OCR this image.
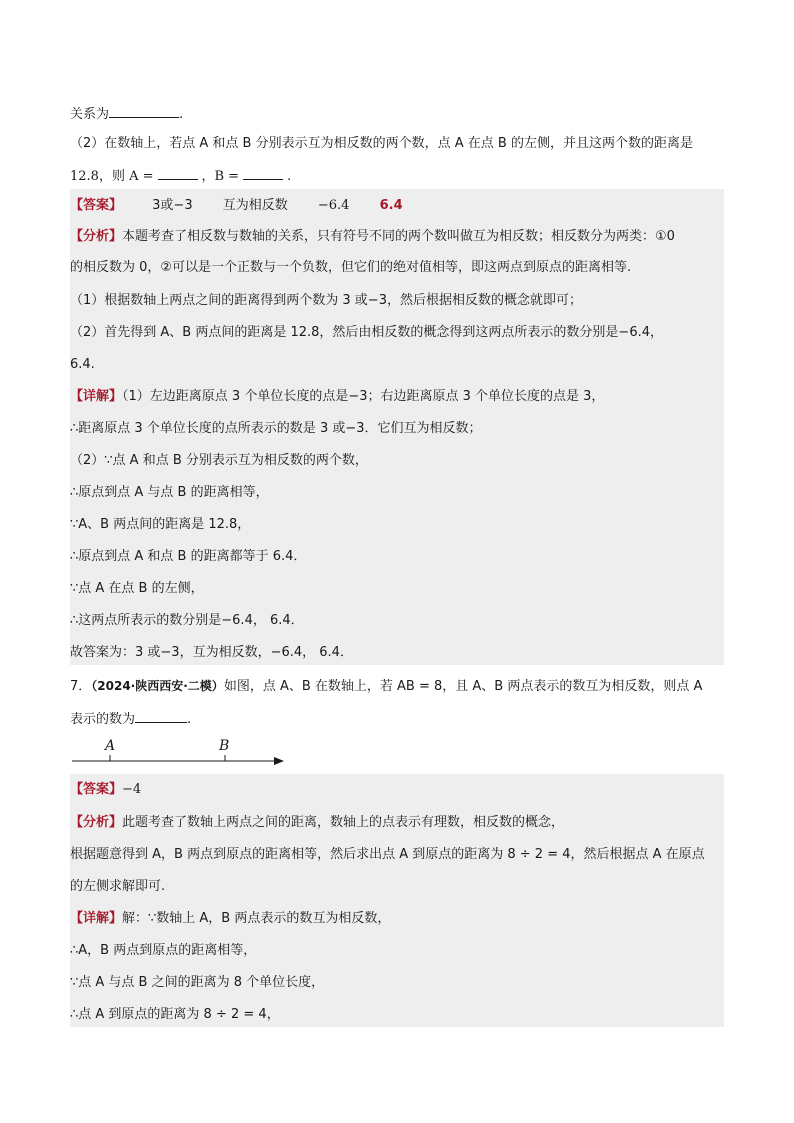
关系为	.
（2）在数轴上，若点 A 和点 B 分别表示互为相反数的两个数，点 A 在点 B 的左侧，并且这两个数的距离是
12.8，则 A =	，B =	.
【答案】 3或−3 互为相反数 −6.4 6.4
【分析】本题考查了相反数与数轴的关系，只有符号不同的两个数叫做互为相反数；相反数分为两类：①0
的相反数为 0，②可以是一个正数与一个负数，但它们的绝对值相等，即这两点到原点的距离相等.
（1）根据数轴上两点之间的距离得到两个数为 3 或−3，然后根据相反数的概念就即可；
（2）首先得到 A、B 两点间的距离是 12.8，然后由相反数的概念得到这两点所表示的数分别是−6.4，
6.4.
【详解】（1）左边距离原点 3 个单位长度的点是−3；右边距离原点 3 个单位长度的点是 3，
∴距离原点 3 个单位长度的点所表示的数是 3 或−3．它们互为相反数；
（2）∵点 A 和点 B 分别表示互为相反数的两个数，
∴原点到点 A 与点 B 的距离相等，
∵A、B 两点间的距离是 12.8，
∴原点到点 A 和点 B 的距离都等于 6.4．
∵点 A 在点 B 的左侧，
∴这两点所表示的数分别是−6.4， 6.4．
故答案为：3 或−3，互为相反数，−6.4， 6.4．
7．（2024·陕西西安·二模）如图，点 A、B 在数轴上，若 AB = 8，且 A、B 两点表示的数互为相反数，则点 A
表示的数为	.
A	B
【答案】−4
【分析】此题考查了数轴上两点之间的距离，数轴上的点表示有理数，相反数的概念，
根据题意得到 A，B 两点到原点的距离相等，然后求出点 A 到原点的距离为 8 ÷ 2 = 4，然后根据点 A 在原点
的左侧求解即可.
【详解】解：∵数轴上 A，B 两点表示的数互为相反数，
∴A，B 两点到原点的距离相等，
∵点 A 与点 B 之间的距离为 8 个单位长度，
∴点 A 到原点的距离为 8 ÷ 2 = 4，
